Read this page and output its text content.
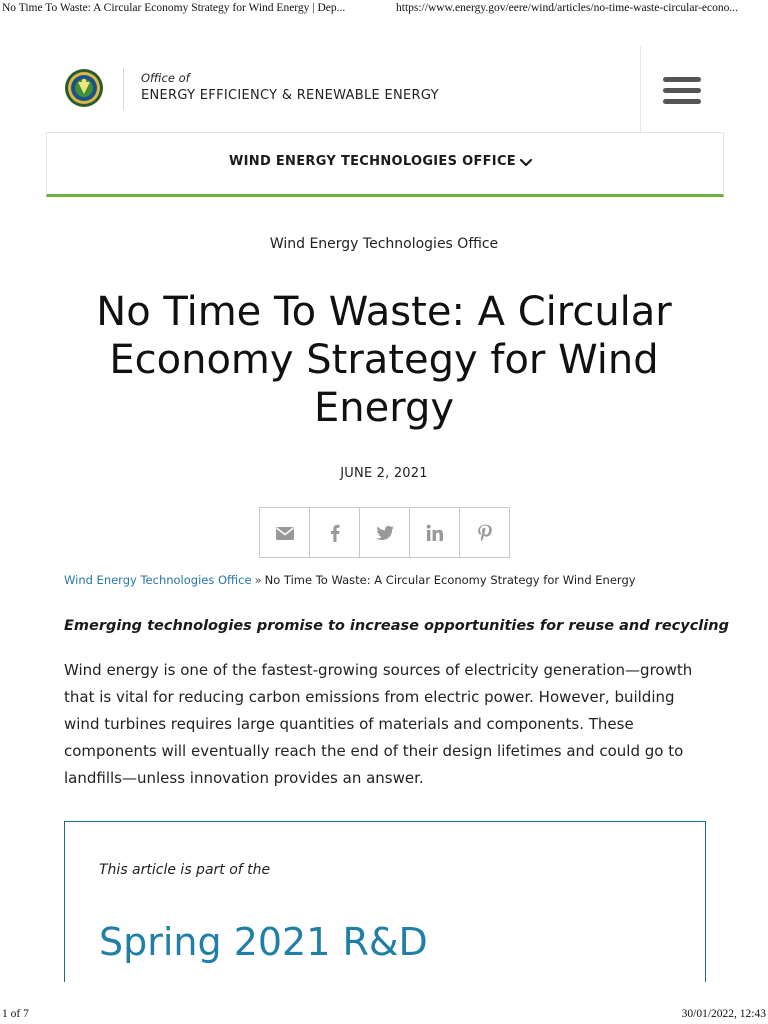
No Time To Waste: A Circular Economy Strategy for Wind Energy | Dep...	https://www.energy.gov/eere/wind/articles/no-time-waste-circular-econo...
Office of
ENERGY EFFICIENCY & RENEWABLE ENERGY
WIND ENERGY TECHNOLOGIES OFFICE
Wind Energy Technologies Office
No Time To Waste: A Circular Economy Strategy for Wind Energy
JUNE 2, 2021
Wind Energy Technologies Office » No Time To Waste: A Circular Economy Strategy for Wind Energy
Emerging technologies promise to increase opportunities for reuse and recycling

Wind energy is one of the fastest-growing sources of electricity generation—growth that is vital for reducing carbon emissions from electric power. However, building wind turbines requires large quantities of materials and components. These components will eventually reach the end of their design lifetimes and could go to landfills—unless innovation provides an answer.

This article is part of the
Spring 2021 R&D
1 of 7	30/01/2022, 12:43
